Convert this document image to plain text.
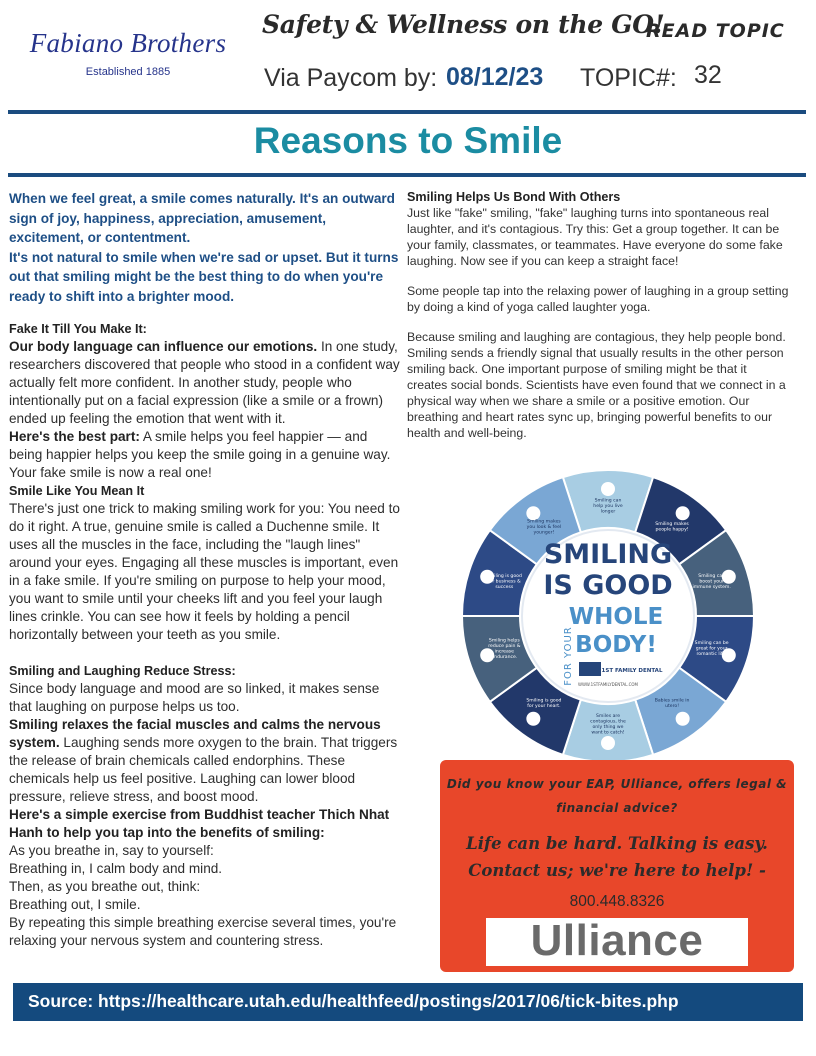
Fabiano Brothers
Established 1885
Safety & Wellness on the GO!
READ TOPIC
Via Paycom by: 08/12/23 TOPIC#: 32
Reasons to Smile

When we feel great, a smile comes naturally. It's an outward sign of joy, happiness, appreciation, amusement, excitement, or contentment.

It's not natural to smile when we're sad or upset. But it turns out that smiling might be the best thing to do when you're ready to shift into a brighter mood.

Fake It Till You Make It:

Our body language can influence our emotions. In one study, researchers discovered that people who stood in a confident way actually felt more confident. In another study, people who intentionally put on a facial expression (like a smile or a frown) ended up feeling the emotion that went with it.

Here's the best part: A smile helps you feel happier — and being happier helps you keep the smile going in a genuine way. Your fake smile is now a real one!

Smile Like You Mean It

There's just one trick to making smiling work for you: You need to do it right. A true, genuine smile is called a Duchenne smile. It uses all the muscles in the face, including the "laugh lines" around your eyes. Engaging all these muscles is important, even in a fake smile. If you're smiling on purpose to help your mood, you want to smile until your cheeks lift and you feel your laugh lines crinkle. You can see how it feels by holding a pencil horizontally between your teeth as you smile.

Smiling and Laughing Reduce Stress:

Since body language and mood are so linked, it makes sense that laughing on purpose helps us too.

Smiling relaxes the facial muscles and calms the nervous system. Laughing sends more oxygen to the brain. That triggers the release of brain chemicals called endorphins. These chemicals help us feel positive. Laughing can lower blood pressure, relieve stress, and boost mood.

Here's a simple exercise from Buddhist teacher Thich Nhat Hanh to help you tap into the benefits of smiling:

As you breathe in, say to yourself:

Breathing in, I calm body and mind.

Then, as you breathe out, think:

Breathing out, I smile.

By repeating this simple breathing exercise several times, you're relaxing your nervous system and countering stress.

Smiling Helps Us Bond With Others

Just like "fake" smiling, "fake" laughing turns into spontaneous real laughter, and it's contagious. Try this: Get a group together. It can be your family, classmates, or teammates. Have everyone do some fake laughing. Now see if you can keep a straight face!

Some people tap into the relaxing power of laughing in a group setting by doing a kind of yoga called laughter yoga.

Because smiling and laughing are contagious, they help people bond. Smiling sends a friendly signal that usually results in the other person smiling back. One important purpose of smiling might be that it creates social bonds. Scientists have even found that we connect in a physical way when we share a smile or a positive emotion. Our breathing and heart rates sync up, bringing powerful benefits to our health and well-being.

Smiling can help you live longer
Smiling makes people happy!
Smiling can boost your immune system.
Smiling can be great for your romantic life.
Babies smile in utero!
Smiles are contagious, the only thing we want to catch!
Smiling is good for your heart.
Smiling helps reduce pain & increase endurance.
Smiling is good for business & success
Smiling makes you look & feel younger!
SMILING
IS GOOD
FOR YOUR
WHOLE
BODY!
1ST FAMILY DENTAL
WWW.1STFAMILYDENTAL.COM
Did you know your EAP, Ulliance, offers legal & financial advice?
Life can be hard. Talking is easy. Contact us; we're here to help! -
800.448.8326
Ulliance
Source: https://healthcare.utah.edu/healthfeed/postings/2017/06/tick-bites.php
